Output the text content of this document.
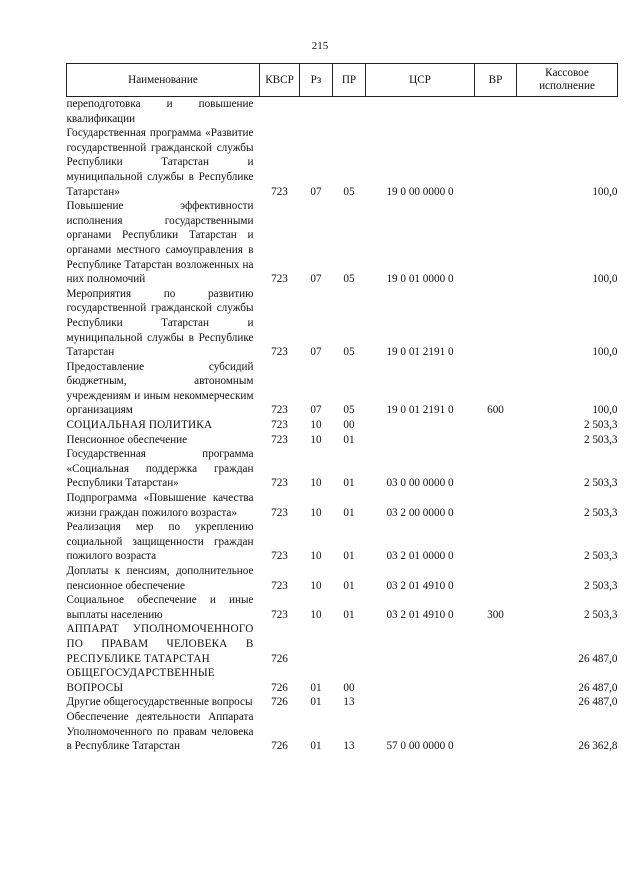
215
Наименование	КВСР	Рз	ПР	ЦСР	ВР	Кассовое исполнение
переподготовка и повышение квалификации						
Государственная программа «Развитие государственной гражданской службы Республики Татарстан и муниципальной службы в Республике Татарстан»	723	07	05	19 0 00 0000 0		100,0
Повышение эффективности исполнения государственными органами Республики Татарстан и органами местного самоуправления в Республике Татарстан возложенных на них полномочий	723	07	05	19 0 01 0000 0		100,0
Мероприятия по развитию государственной гражданской службы Республики Татарстан и муниципальной службы в Республике Татарстан	723	07	05	19 0 01 2191 0		100,0
Предоставление субсидий бюджетным, автономным учреждениям и иным некоммерческим организациям	723	07	05	19 0 01 2191 0	600	100,0
СОЦИАЛЬНАЯ ПОЛИТИКА	723	10	00			2 503,3
Пенсионное обеспечение	723	10	01			2 503,3
Государственная программа «Социальная поддержка граждан Республики Татарстан»	723	10	01	03 0 00 0000 0		2 503,3
Подпрограмма «Повышение качества жизни граждан пожилого возраста»	723	10	01	03 2 00 0000 0		2 503,3
Реализация мер по укреплению социальной защищенности граждан пожилого возраста	723	10	01	03 2 01 0000 0		2 503,3
Доплаты к пенсиям, дополнительное пенсионное обеспечение	723	10	01	03 2 01 4910 0		2 503,3
Социальное обеспечение и иные выплаты населению	723	10	01	03 2 01 4910 0	300	2 503,3
АППАРАТ УПОЛНОМОЧЕННОГО ПО ПРАВАМ ЧЕЛОВЕКА В РЕСПУБЛИКЕ ТАТАРСТАН	726					26 487,0
ОБЩЕГОСУДАРСТВЕННЫЕ ВОПРОСЫ	726	01	00			26 487,0
Другие общегосударственные вопросы	726	01	13			26 487,0
Обеспечение деятельности Аппарата Уполномоченного по правам человека в Республике Татарстан	726	01	13	57 0 00 0000 0		26 362,8
